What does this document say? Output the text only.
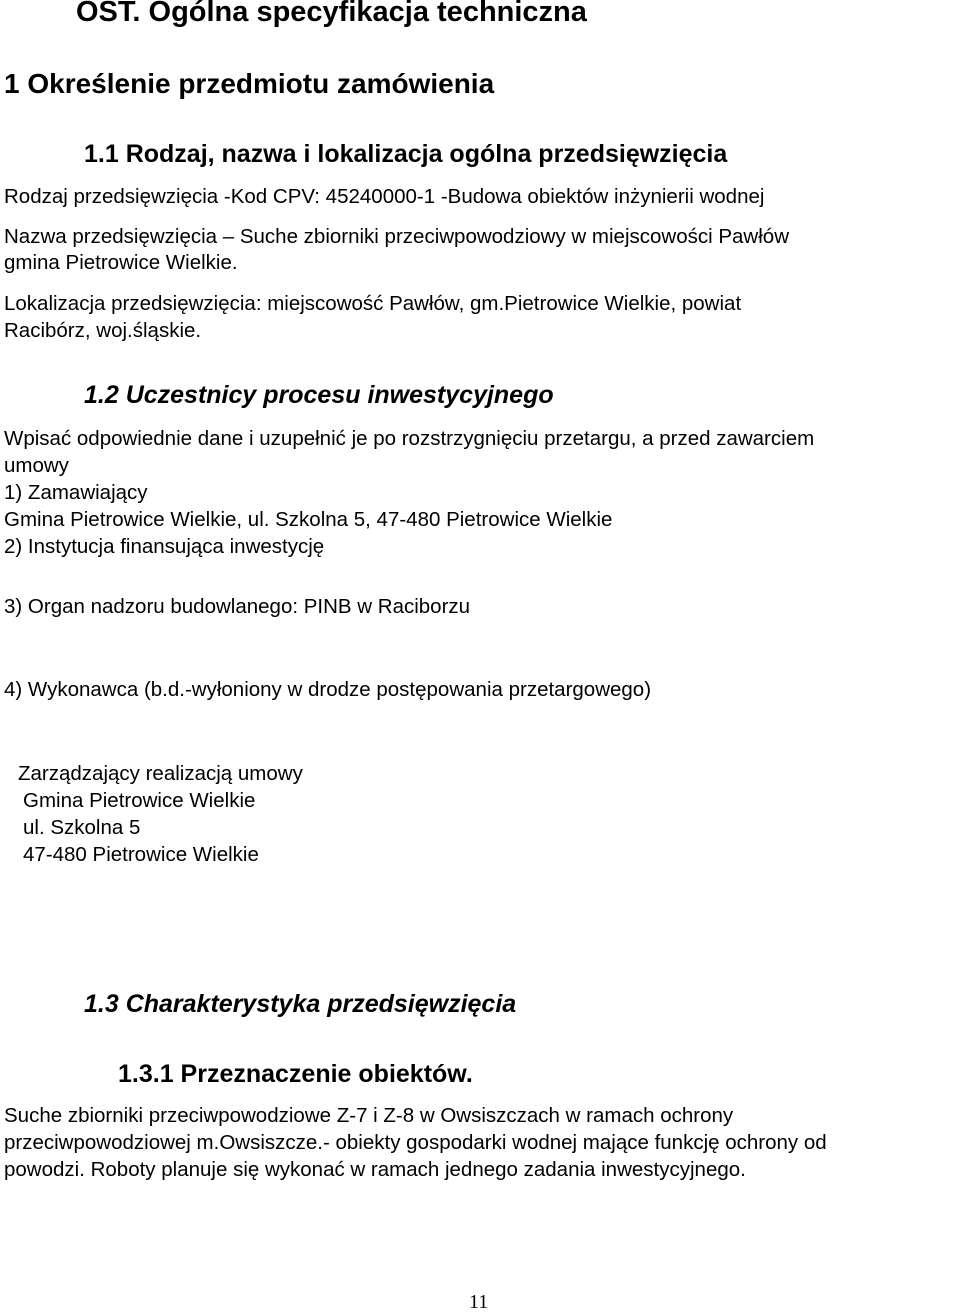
OST. Ogólna specyfikacja techniczna
1 Określenie przedmiotu zamówienia
1.1 Rodzaj, nazwa i lokalizacja ogólna przedsięwzięcia
Rodzaj przedsięwzięcia -Kod CPV: 45240000-1 -Budowa obiektów inżynierii wodnej
Nazwa przedsięwzięcia – Suche zbiorniki przeciwpowodziowy w miejscowości Pawłów
gmina Pietrowice Wielkie.
Lokalizacja przedsięwzięcia: miejscowość Pawłów, gm.Pietrowice Wielkie, powiat
Racibórz, woj.śląskie.
1.2 Uczestnicy procesu inwestycyjnego
Wpisać odpowiednie dane i uzupełnić je po rozstrzygnięciu przetargu, a przed zawarciem
umowy
1) Zamawiający
Gmina Pietrowice Wielkie, ul. Szkolna 5, 47-480 Pietrowice Wielkie
2) Instytucja finansująca inwestycję
3) Organ nadzoru budowlanego: PINB w Raciborzu
4) Wykonawca (b.d.-wyłoniony w drodze postępowania przetargowego)
Zarządzający realizacją umowy
Gmina Pietrowice Wielkie
ul. Szkolna 5
47-480 Pietrowice Wielkie
1.3 Charakterystyka przedsięwzięcia
1.3.1 Przeznaczenie obiektów.
Suche zbiorniki przeciwpowodziowe Z-7 i Z-8 w Owsiszczach w ramach ochrony
przeciwpowodziowej m.Owsiszcze.- obiekty gospodarki wodnej mające funkcję ochrony od
powodzi. Roboty planuje się wykonać w ramach jednego zadania inwestycyjnego.
11
